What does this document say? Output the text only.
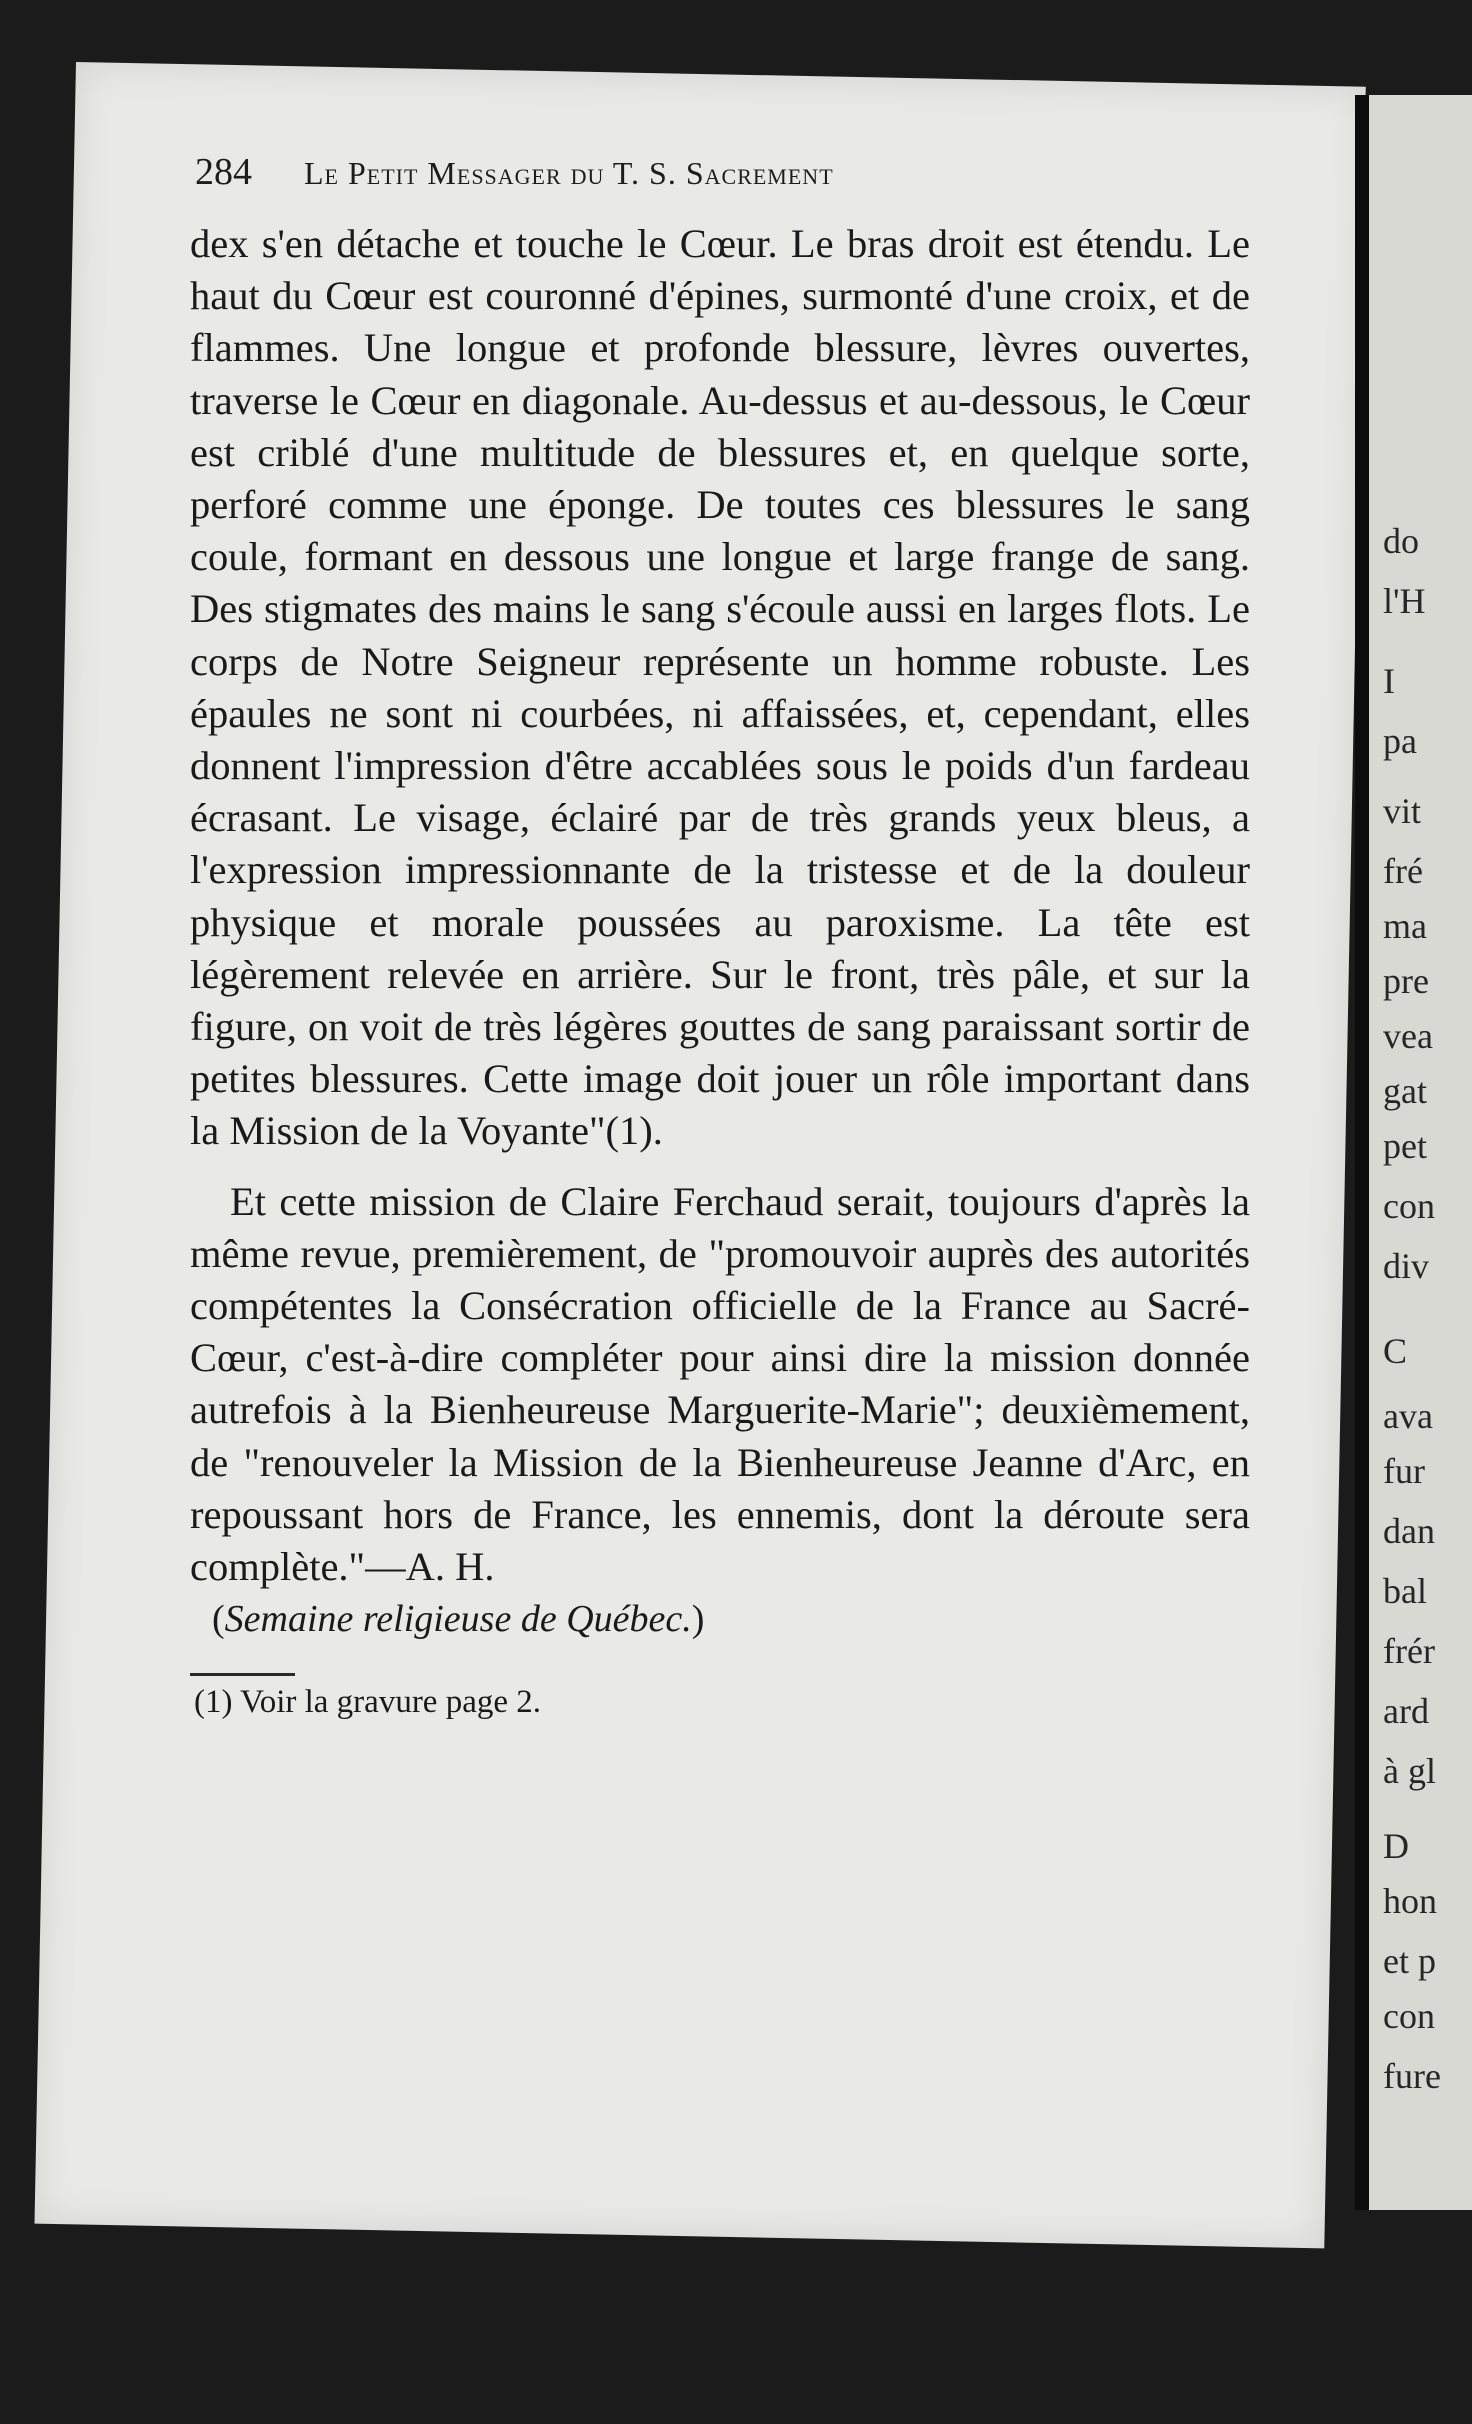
284 Le Petit Messager du T. S. Sacrement

dex s'en détache et touche le Cœur. Le bras droit est étendu. Le haut du Cœur est couronné d'épines, surmonté d'une croix, et de flammes. Une longue et profonde blessure, lèvres ouvertes, traverse le Cœur en diagonale. Au-dessus et au-dessous, le Cœur est criblé d'une multitude de blessures et, en quelque sorte, perforé comme une éponge. De toutes ces blessures le sang coule, formant en dessous une longue et large frange de sang. Des stigmates des mains le sang s'écoule aussi en larges flots. Le corps de Notre Seigneur représente un homme robuste. Les épaules ne sont ni courbées, ni affaissées, et, cependant, elles donnent l'impression d'être accablées sous le poids d'un fardeau écrasant. Le visage, éclairé par de très grands yeux bleus, a l'expression impressionnante de la tristesse et de la douleur physique et morale poussées au paroxisme. La tête est légèrement relevée en arrière. Sur le front, très pâle, et sur la figure, on voit de très légères gouttes de sang paraissant sortir de petites blessures. Cette image doit jouer un rôle important dans la Mission de la Voyante"(1).

Et cette mission de Claire Ferchaud serait, toujours d'après la même revue, premièrement, de "promouvoir auprès des autorités compétentes la Consécration officielle de la France au Sacré-Cœur, c'est-à-dire compléter pour ainsi dire la mission donnée autrefois à la Bienheureuse Marguerite-Marie"; deuxièmement, de "renouveler la Mission de la Bienheureuse Jeanne d'Arc, en repoussant hors de France, les ennemis, dont la déroute sera complète."—A. H.

(Semaine religieuse de Québec.)

(1) Voir la gravure page 2.

do
l'H
I
pa
vit
fré
ma
pre
vea
gat
pet
con
div
C
ava
fur
dan
bal
frér
ard
à gl
D
hon
et p
con
fure
